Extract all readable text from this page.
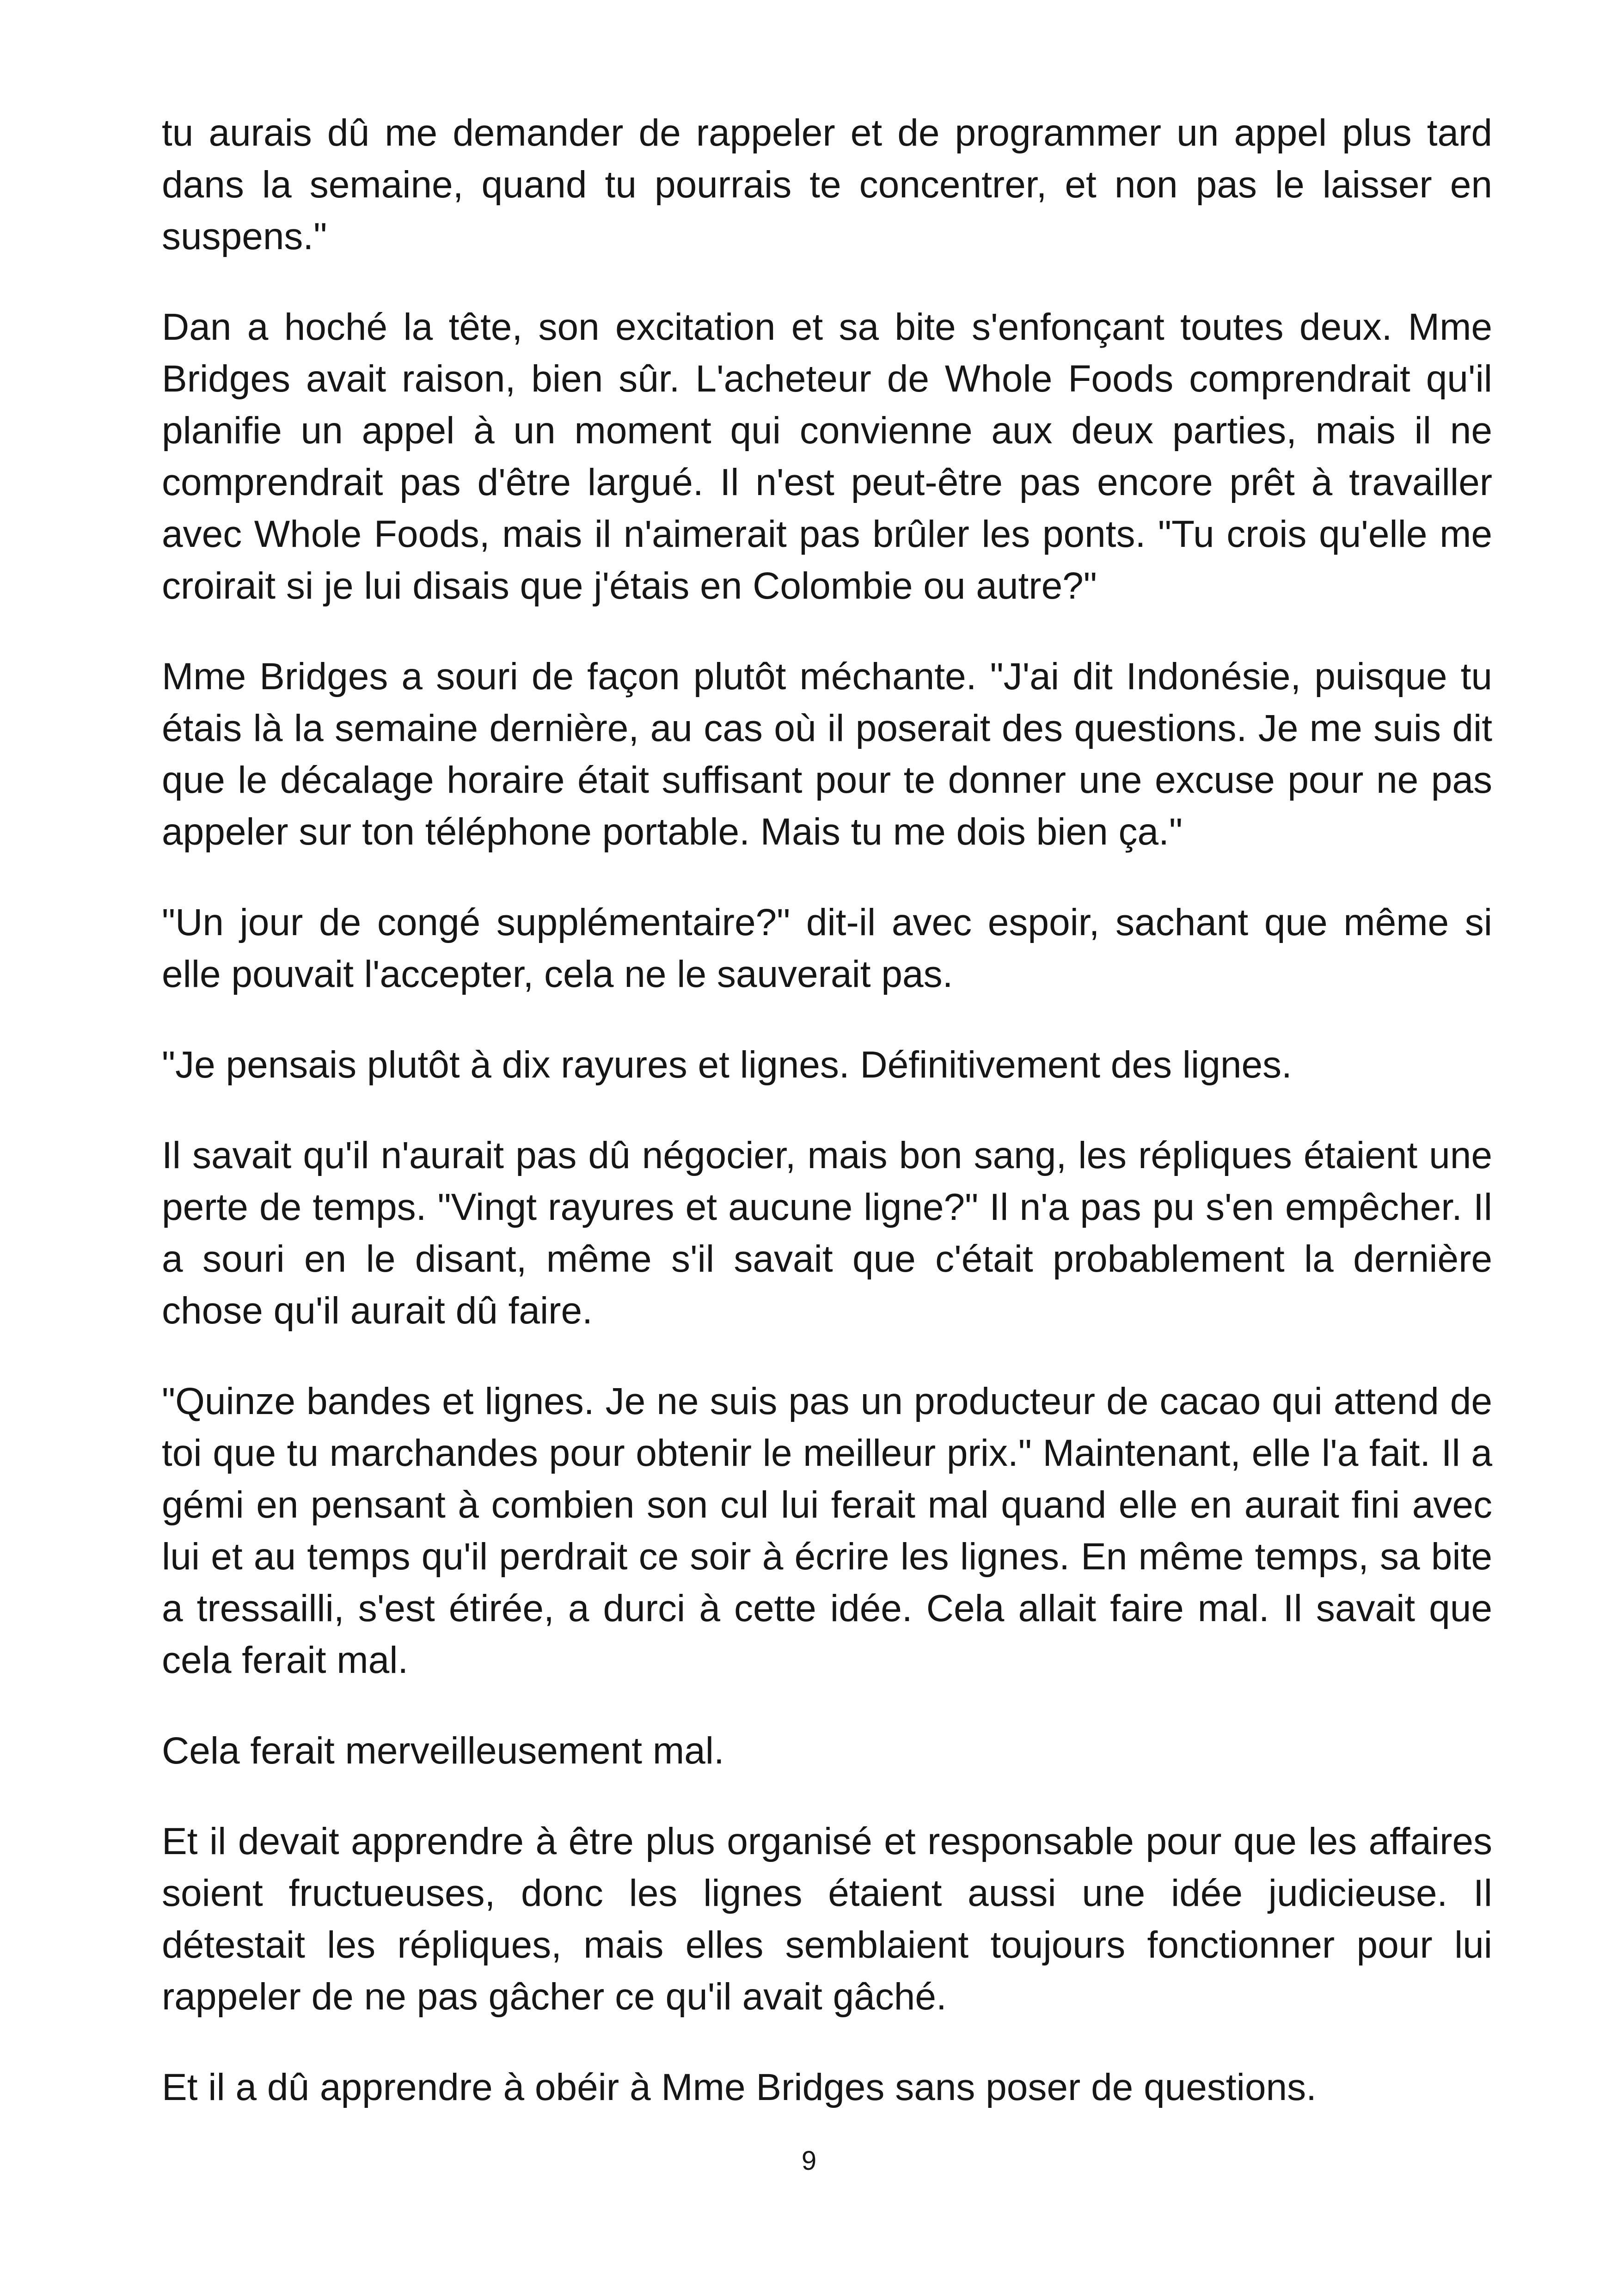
tu aurais dû me demander de rappeler et de programmer un appel plus tard dans la semaine, quand tu pourrais te concentrer, et non pas le laisser en suspens."

Dan a hoché la tête, son excitation et sa bite s'enfonçant toutes deux. Mme Bridges avait raison, bien sûr. L'acheteur de Whole Foods comprendrait qu'il planifie un appel à un moment qui convienne aux deux parties, mais il ne comprendrait pas d'être largué. Il n'est peut-être pas encore prêt à travailler avec Whole Foods, mais il n'aimerait pas brûler les ponts. "Tu crois qu'elle me croirait si je lui disais que j'étais en Colombie ou autre?"

Mme Bridges a souri de façon plutôt méchante. "J'ai dit Indonésie, puisque tu étais là la semaine dernière, au cas où il poserait des questions. Je me suis dit que le décalage horaire était suffisant pour te donner une excuse pour ne pas appeler sur ton téléphone portable. Mais tu me dois bien ça."

"Un jour de congé supplémentaire?" dit-il avec espoir, sachant que même si elle pouvait l'accepter, cela ne le sauverait pas.

"Je pensais plutôt à dix rayures et lignes. Définitivement des lignes.

Il savait qu'il n'aurait pas dû négocier, mais bon sang, les répliques étaient une perte de temps. "Vingt rayures et aucune ligne?" Il n'a pas pu s'en empêcher. Il a souri en le disant, même s'il savait que c'était probablement la dernière chose qu'il aurait dû faire.

"Quinze bandes et lignes. Je ne suis pas un producteur de cacao qui attend de toi que tu marchandes pour obtenir le meilleur prix." Maintenant, elle l'a fait. Il a gémi en pensant à combien son cul lui ferait mal quand elle en aurait fini avec lui et au temps qu'il perdrait ce soir à écrire les lignes. En même temps, sa bite a tressailli, s'est étirée, a durci à cette idée. Cela allait faire mal. Il savait que cela ferait mal.

Cela ferait merveilleusement mal.

Et il devait apprendre à être plus organisé et responsable pour que les affaires soient fructueuses, donc les lignes étaient aussi une idée judicieuse. Il détestait les répliques, mais elles semblaient toujours fonctionner pour lui rappeler de ne pas gâcher ce qu'il avait gâché.

Et il a dû apprendre à obéir à Mme Bridges sans poser de questions.

9
